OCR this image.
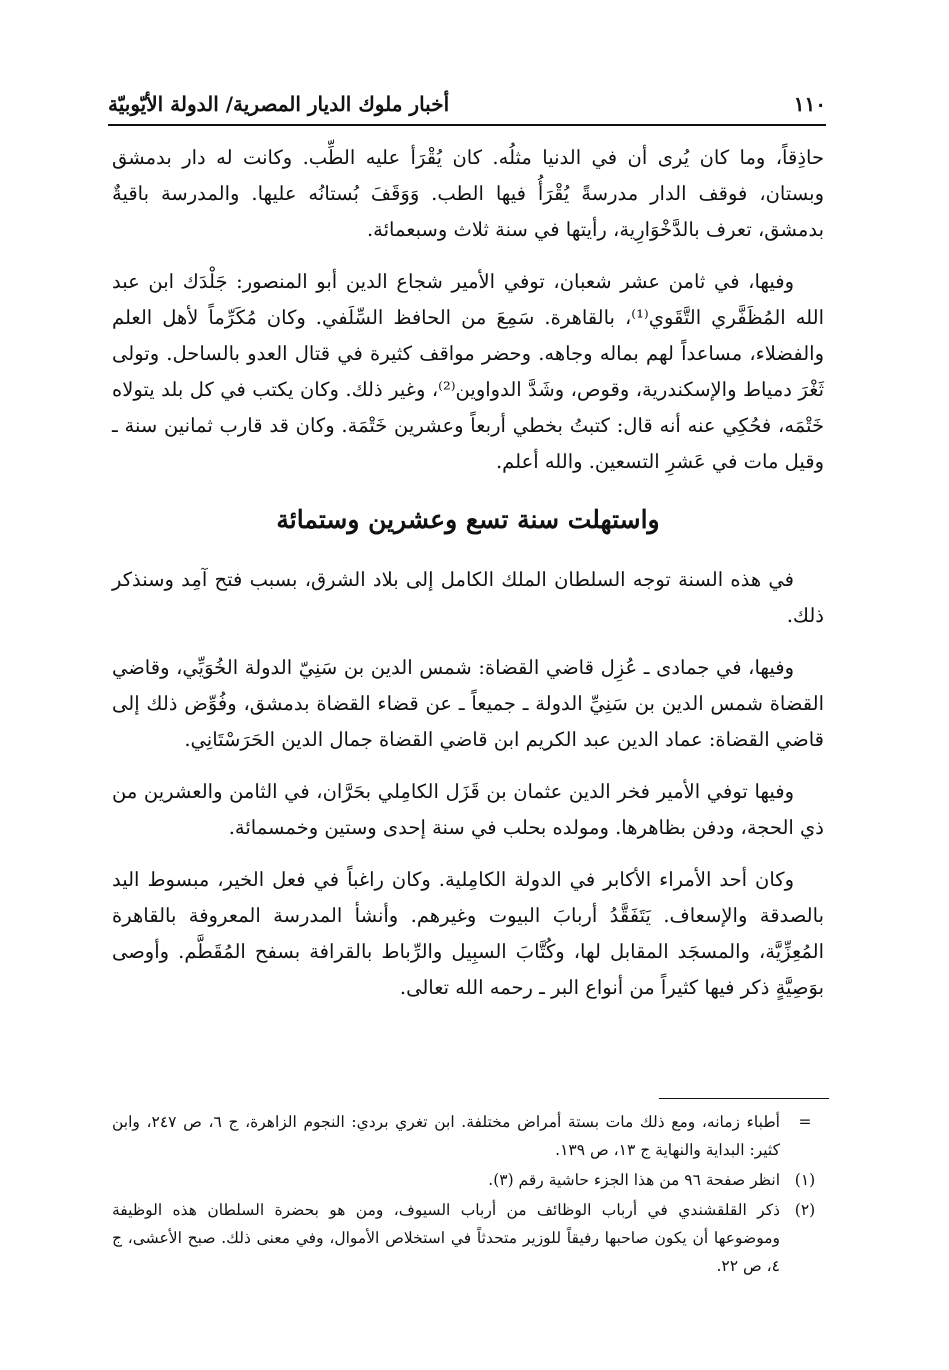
١١٠
أخبار ملوك الديار المصرية/ الدولة الأيّوبيّة

حاذِقاً، وما كان يُرى أن في الدنيا مثلُه. كان يُقْرَأ عليه الطِّب. وكانت له دار بدمشق وبستان، فوقف الدار مدرسةً يُقْرَأُ فيها الطب. وَوَقَفَ بُستانُه عليها. والمدرسة باقيةٌ بدمشق، تعرف بالدَّخْوَارِية، رأيتها في سنة ثلاث وسبعمائة.

وفيها، في ثامن عشر شعبان، توفي الأمير شجاع الدين أبو المنصور: جَلْدَك ابن عبد الله المُظَفَّري التَّقَوي⁽¹⁾، بالقاهرة. سَمِعَ من الحافظ السِّلَفي. وكان مُكَرِّماً لأهل العلم والفضلاء، مساعداً لهم بماله وجاهه. وحضر مواقف كثيرة في قتال العدو بالساحل. وتولى ثَغْرَ دمياط والإسكندرية، وقوص، وشَدَّ الدواوين⁽²⁾، وغير ذلك. وكان يكتب في كل بلد يتولاه خَتْمَه، فحُكِي عنه أنه قال: كتبتُ بخطي أربعاً وعشرين خَتْمَة. وكان قد قارب ثمانين سنة ـ وقيل مات في عَشرِ التسعين. والله أعلم.

واستهلت سنة تسع وعشرين وستمائة

في هذه السنة توجه السلطان الملك الكامل إلى بلاد الشرق، بسبب فتح آمِد وسنذكر ذلك.

وفيها، في جمادى ـ عُزِل قاضي القضاة: شمس الدين بن سَنِيّ الدولة الخُوَيِّي، وقاضي القضاة شمس الدين بن سَنِيِّ الدولة ـ جميعاً ـ عن قضاء القضاة بدمشق، وفُوِّض ذلك إلى قاضي القضاة: عماد الدين عبد الكريم ابن قاضي القضاة جمال الدين الحَرَسْتَانِي.

وفيها توفي الأمير فخر الدين عثمان بن قَزَل الكامِلي بحَرَّان، في الثامن والعشرين من ذي الحجة، ودفن بظاهرها. ومولده بحلب في سنة إحدى وستين وخمسمائة.

وكان أحد الأمراء الأكابر في الدولة الكامِلية. وكان راغباً في فعل الخير، مبسوط اليد بالصدقة والإسعاف. يَتَفَقَّدُ أربابَ البيوت وغيرهم. وأنشأ المدرسة المعروفة بالقاهرة المُعِزِّيَّة، والمسجَد المقابل لها، وكُتَّابَ السبِيل والرِّباط بالقرافة بسفح المُقَطَّم. وأوصى بوَصِيَّةٍ ذكر فيها كثيراً من أنواع البر ـ رحمه الله تعالى.

=
أطباء زمانه، ومع ذلك مات بستة أمراض مختلفة. ابن تغري بردي: النجوم الزاهرة، ج ٦، ص ٢٤٧، وابن كثير: البداية والنهاية ج ١٣، ص ١٣٩.
(١)
انظر صفحة ٩٦ من هذا الجزء حاشية رقم (٣).
(٢)
ذكر القلقشندي في أرباب الوظائف من أرباب السيوف، ومن هو بحضرة السلطان هذه الوظيفة وموضوعها أن يكون صاحبها رفيقاً للوزير متحدثاً في استخلاص الأموال، وفي معنى ذلك. صبح الأعشى، ج ٤، ص ٢٢.
